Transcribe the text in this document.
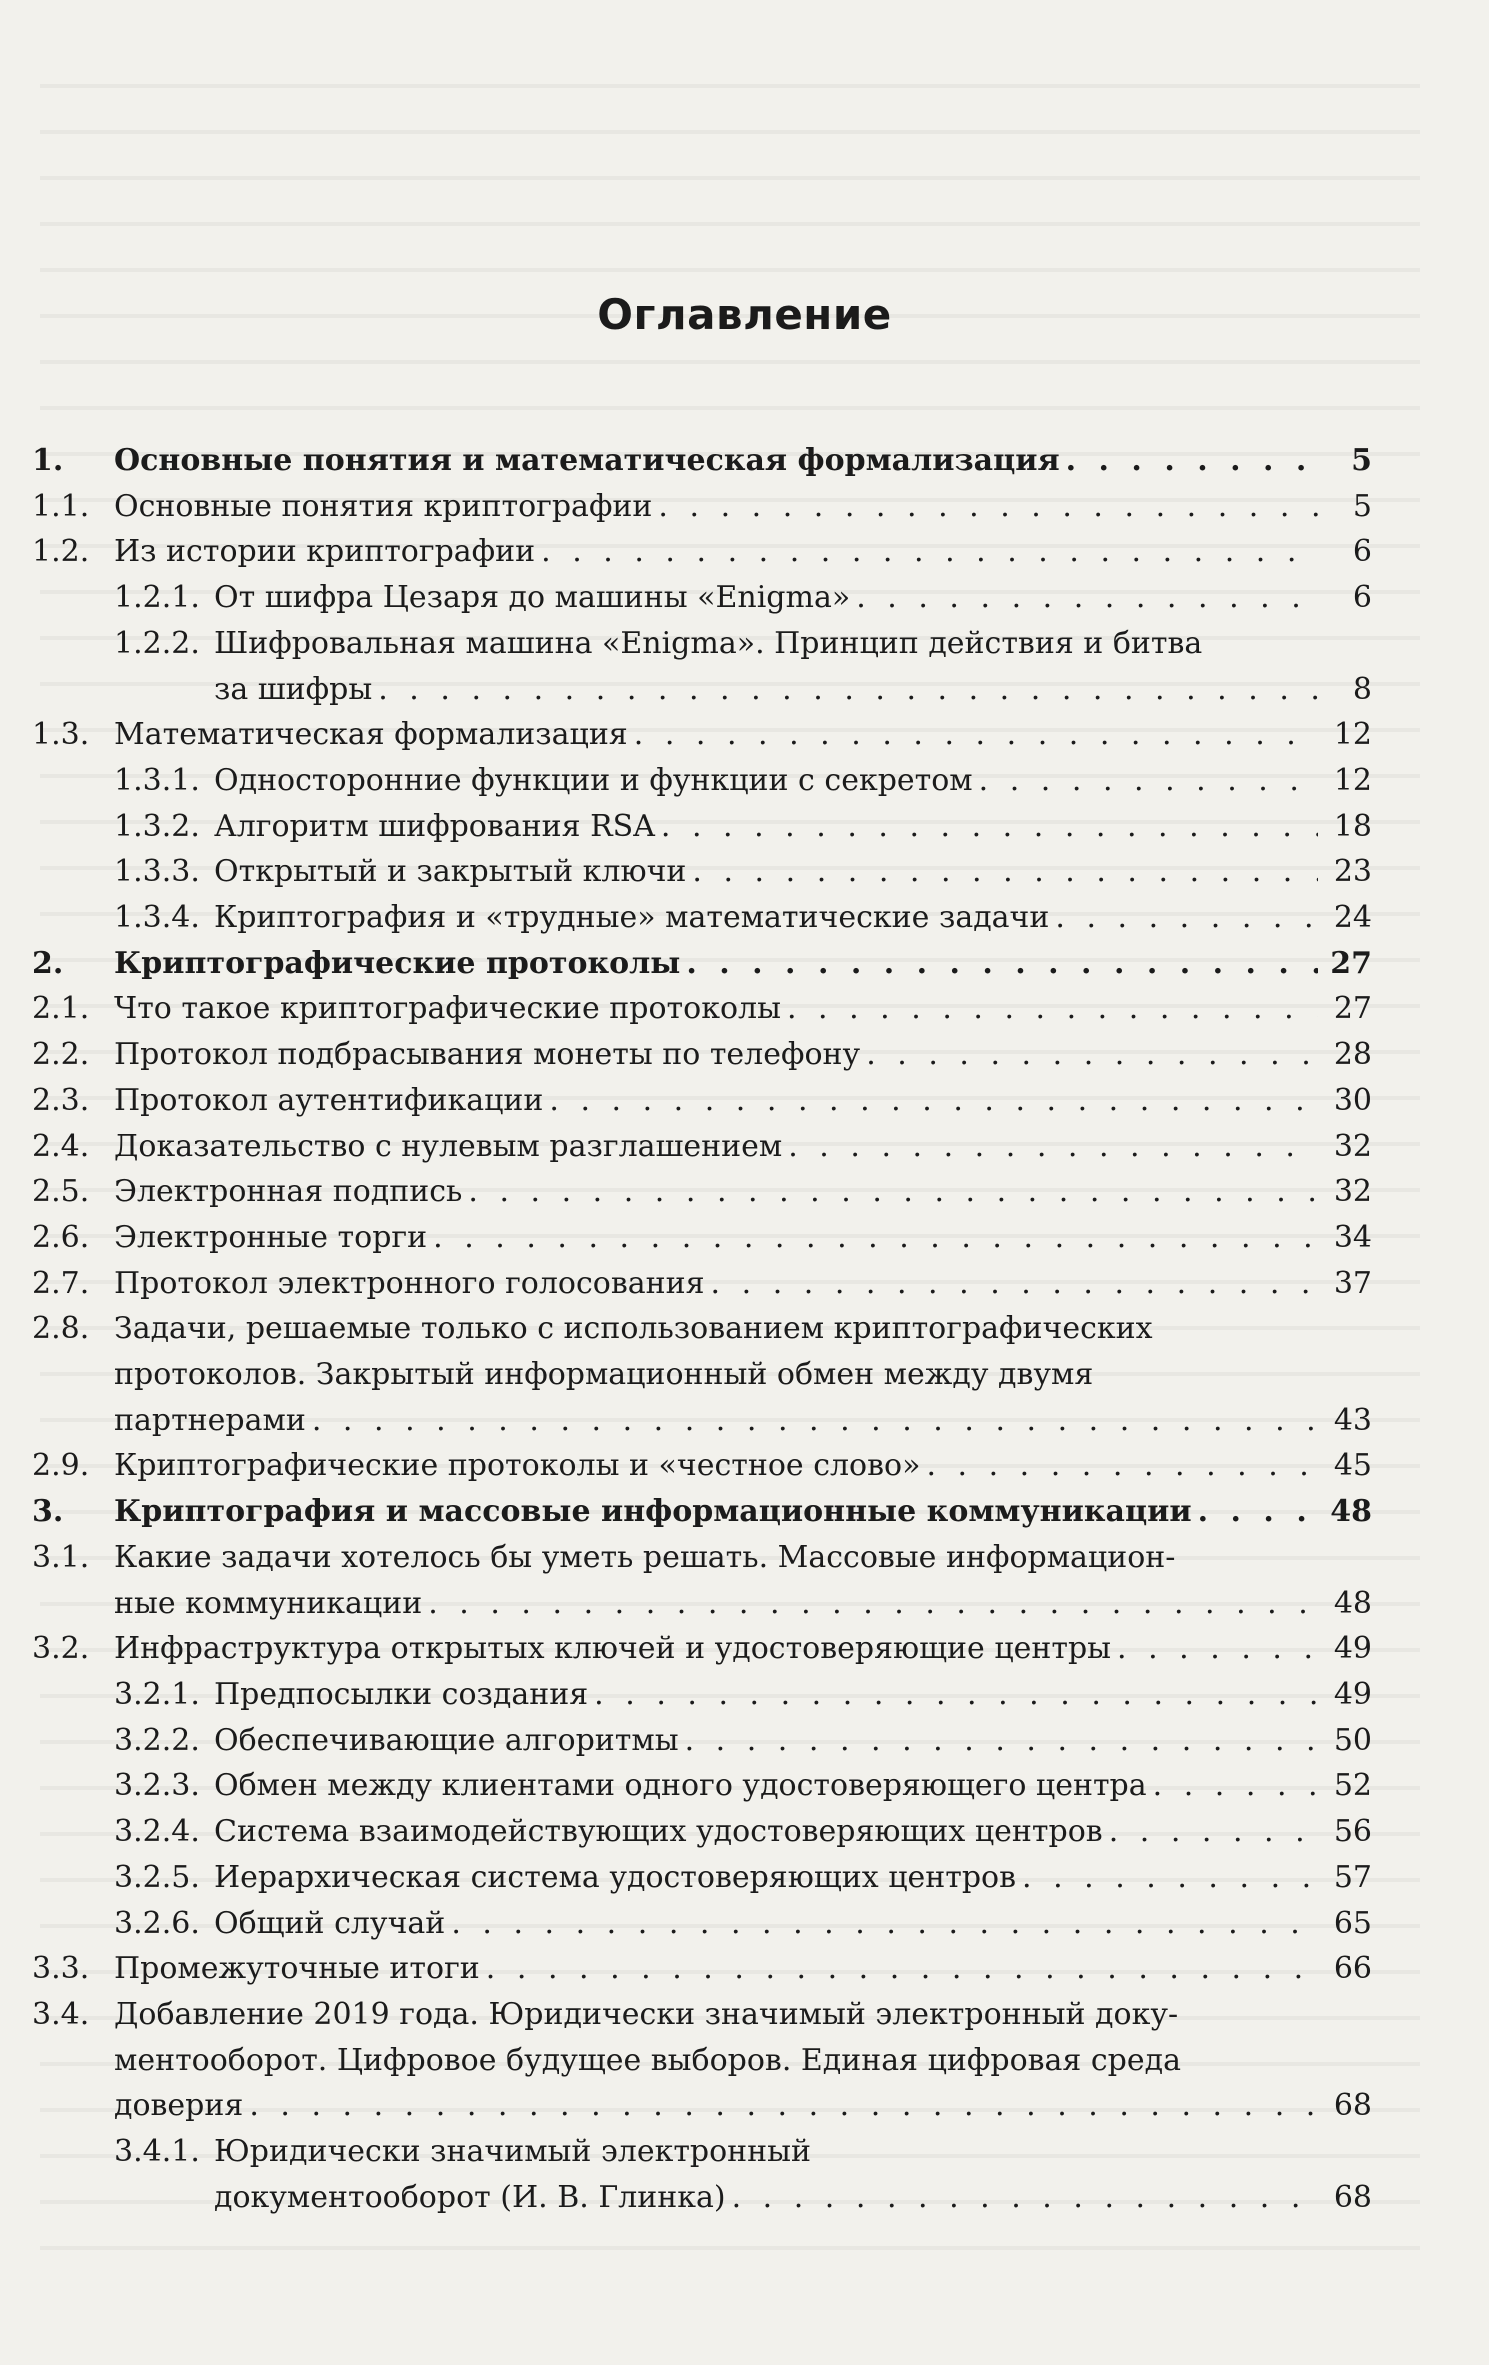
Оглавление
1.	Основные понятия и математическая формализация . . .	5
1.1. Основные понятия криптографии . . .	5
1.2. Из истории криптографии . . .	6
1.2.1. От шифра Цезаря до машины «Enigma» . . .	6
1.2.2. Шифровальная машина «Enigma». Принцип действия и битва
за шифры . . .	8
1.3. Математическая формализация . . .	12
1.3.1. Односторонние функции и функции с секретом . . .	12
1.3.2. Алгоритм шифрования RSA . . .	18
1.3.3. Открытый и закрытый ключи . . .	23
1.3.4. Криптография и «трудные» математические задачи . . .	24
2.	Криптографические протоколы . . .	27
2.1. Что такое криптографические протоколы . . .	27
2.2. Протокол подбрасывания монеты по телефону . . .	28
2.3. Протокол аутентификации . . .	30
2.4. Доказательство с нулевым разглашением . . .	32
2.5. Электронная подпись . . .	32
2.6. Электронные торги . . .	34
2.7. Протокол электронного голосования . . .	37
2.8. Задачи, решаемые только с использованием криптографических
протоколов. Закрытый информационный обмен между двумя
партнерами . . .	43
2.9. Криптографические протоколы и «честное слово» . . .	45
3.	Криптография и массовые информационные коммуникации . . .	48
3.1. Какие задачи хотелось бы уметь решать. Массовые информацион-
ные коммуникации . . .	48
3.2. Инфраструктура открытых ключей и удостоверяющие центры . . .	49
3.2.1. Предпосылки создания . . .	49
3.2.2. Обеспечивающие алгоритмы . . .	50
3.2.3. Обмен между клиентами одного удостоверяющего центра . . .	52
3.2.4. Система взаимодействующих удостоверяющих центров . . .	56
3.2.5. Иерархическая система удостоверяющих центров . . .	57
3.2.6. Общий случай . . .	65
3.3. Промежуточные итоги . . .	66
3.4. Добавление 2019 года. Юридически значимый электронный доку-
ментооборот. Цифровое будущее выборов. Единая цифровая среда
доверия . . .	68
3.4.1. Юридически значимый электронный
документооборот (И. В. Глинка) . . .	68
